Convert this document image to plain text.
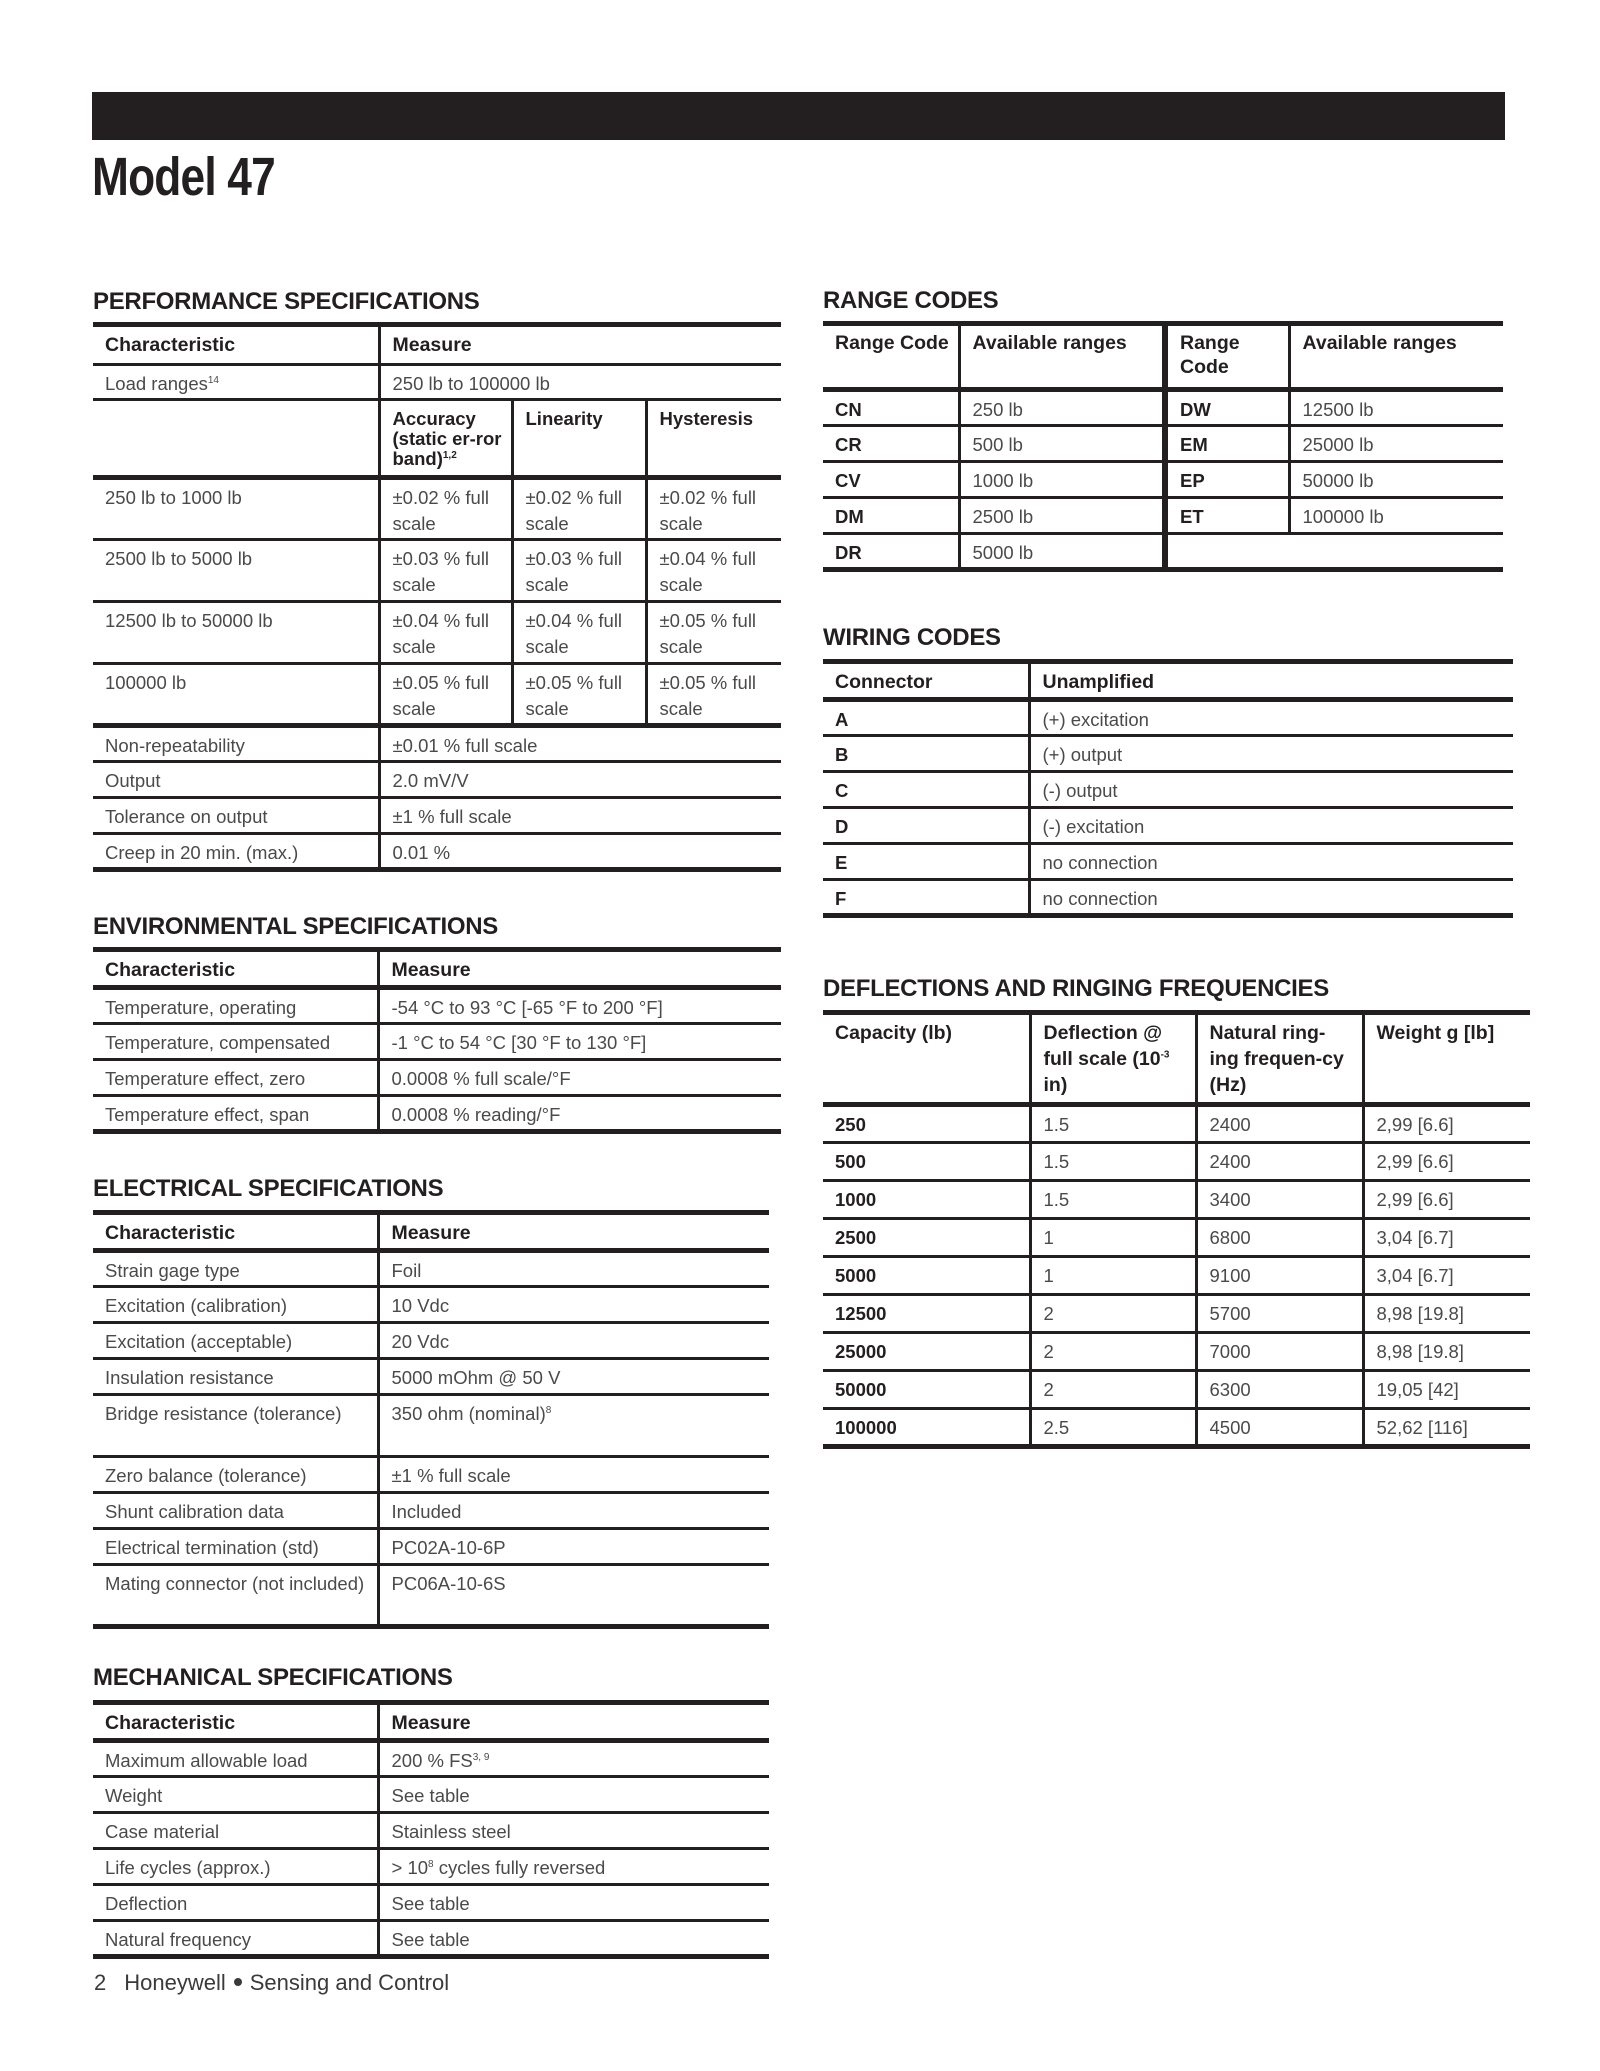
Model 47
PERFORMANCE SPECIFICATIONS
Characteristic	Measure		
Load ranges$^{14}$	250 lb to 100000 lb		
	Accuracy (static er-ror band)$^{1,2}$	Linearity	Hysteresis
250 lb to 1000 lb	±0.02 % full scale	±0.02 % full scale	±0.02 % full scale
2500 lb to 5000 lb	±0.03 % full scale	±0.03 % full scale	±0.04 % full scale
12500 lb to 50000 lb	±0.04 % full scale	±0.04 % full scale	±0.05 % full scale
100000 lb	±0.05 % full scale	±0.05 % full scale	±0.05 % full scale
Non-repeatability	±0.01 % full scale		
Output	2.0 mV/V		
Tolerance on output	±1 % full scale		
Creep in 20 min. (max.)	0.01 %		
ENVIRONMENTAL SPECIFICATIONS
Characteristic	Measure
Temperature, operating	-54 °C to 93 °C [-65 °F to 200 °F]
Temperature, compensated	-1 °C to 54 °C [30 °F to 130 °F]
Temperature effect, zero	0.0008 % full scale/°F
Temperature effect, span	0.0008 % reading/°F
ELECTRICAL SPECIFICATIONS
Characteristic	Measure
Strain gage type	Foil
Excitation (calibration)	10 Vdc
Excitation (acceptable)	20 Vdc
Insulation resistance	5000 mOhm @ 50 V
Bridge resistance (tolerance)	350 ohm (nominal)$^8$
Zero balance (tolerance)	±1 % full scale
Shunt calibration data	Included
Electrical termination (std)	PC02A-10-6P
Mating connector (not included)	PC06A-10-6S
MECHANICAL SPECIFICATIONS
Characteristic	Measure
Maximum allowable load	200 % FS$^{3, 9}$
Weight	See table
Case material	Stainless steel
Life cycles (approx.)	> $10^8$ cycles fully reversed
Deflection	See table
Natural frequency	See table
RANGE CODES
Range Code	Available ranges	Range Code	Available ranges
CN	250 lb	DW	12500 lb
CR	500 lb	EM	25000 lb
CV	1000 lb	EP	50000 lb
DM	2500 lb	ET	100000 lb
DR	5000 lb		
WIRING CODES
Connector	Unamplified
A	(+) excitation
B	(+) output
C	(-) output
D	(-) excitation
E	no connection
F	no connection
DEFLECTIONS AND RINGING FREQUENCIES
Capacity (lb)	Deflection @ full scale ($10^{-3}$ in)	Natural ring-ing frequen-cy (Hz)	Weight g [lb]
250	1.5	2400	2,99 [6.6]
500	1.5	2400	2,99 [6.6]
1000	1.5	3400	2,99 [6.6]
2500	1	6800	3,04 [6.7]
5000	1	9100	3,04 [6.7]
12500	2	5700	8,98 [19.8]
25000	2	7000	8,98 [19.8]
50000	2	6300	19,05 [42]
100000	2.5	4500	52,62 [116]
2 Honeywell Sensing and Control
